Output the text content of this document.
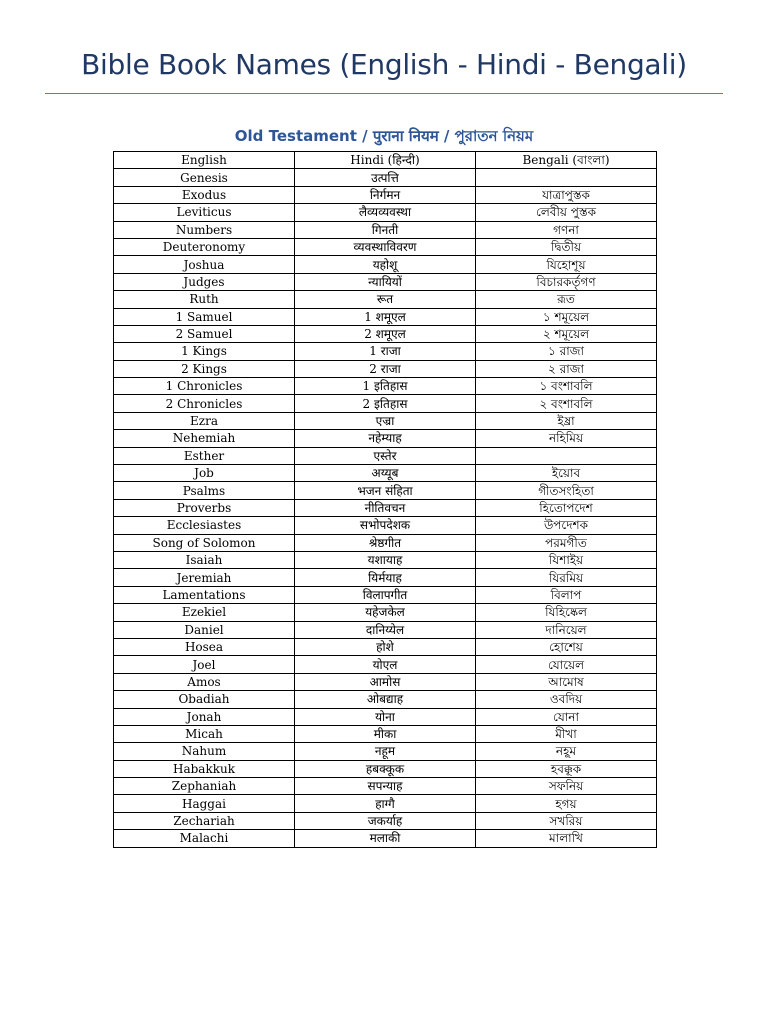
Bible Book Names (English - Hindi - Bengali)
Old Testament / पुराना नियम / পুরাতন নিয়ম
English	Hindi (हिन्दी)	Bengali (বাংলা)
Genesis	उत्पत्ति	
Exodus	निर्गमन	যাত্রাপুস্তক
Leviticus	लैव्यव्यवस्था	লেবীয় পুস্তক
Numbers	गिनती	গণনা
Deuteronomy	व्यवस्थाविवरण	দ্বিতীয়
Joshua	यहोशू	যিহোশূয়
Judges	न्यायियों	বিচারকর্তৃগণ
Ruth	रूत	রূত
1 Samuel	1 शमूएल	১ শমূয়েল
2 Samuel	2 शमूएल	২ শমূয়েল
1 Kings	1 राजा	১ রাজা
2 Kings	2 राजा	২ রাজা
1 Chronicles	1 इतिहास	১ বংশাবলি
2 Chronicles	2 इतिहास	২ বংশাবলি
Ezra	एज्रा	ইষ্রা
Nehemiah	नहेम्याह	নহিমিয়
Esther	एस्तेर	
Job	अय्यूब	ইয়োব
Psalms	भजन संहिता	গীতসংহিতা
Proverbs	नीतिवचन	হিতোপদেশ
Ecclesiastes	सभोपदेशक	উপদেশক
Song of Solomon	श्रेष्ठगीत	পরমগীত
Isaiah	यशायाह	যিশাইয়
Jeremiah	यिर्मयाह	যিরমিয়
Lamentations	विलापगीत	বিলাপ
Ezekiel	यहेजकेल	যিহিষ্কেল
Daniel	दानिय्येल	দানিয়েল
Hosea	होशे	হোশেয়
Joel	योएल	যোয়েল
Amos	आमोस	আমোষ
Obadiah	ओबद्याह	ওবদিয়
Jonah	योना	যোনা
Micah	मीका	মীখা
Nahum	नहूम	নহূম
Habakkuk	हबक्कूक	হবক্কূক
Zephaniah	सपन्याह	সফনিয়
Haggai	हाग्गै	হগয়
Zechariah	जकर्याह	সখরিয়
Malachi	मलाकी	মালাখি
